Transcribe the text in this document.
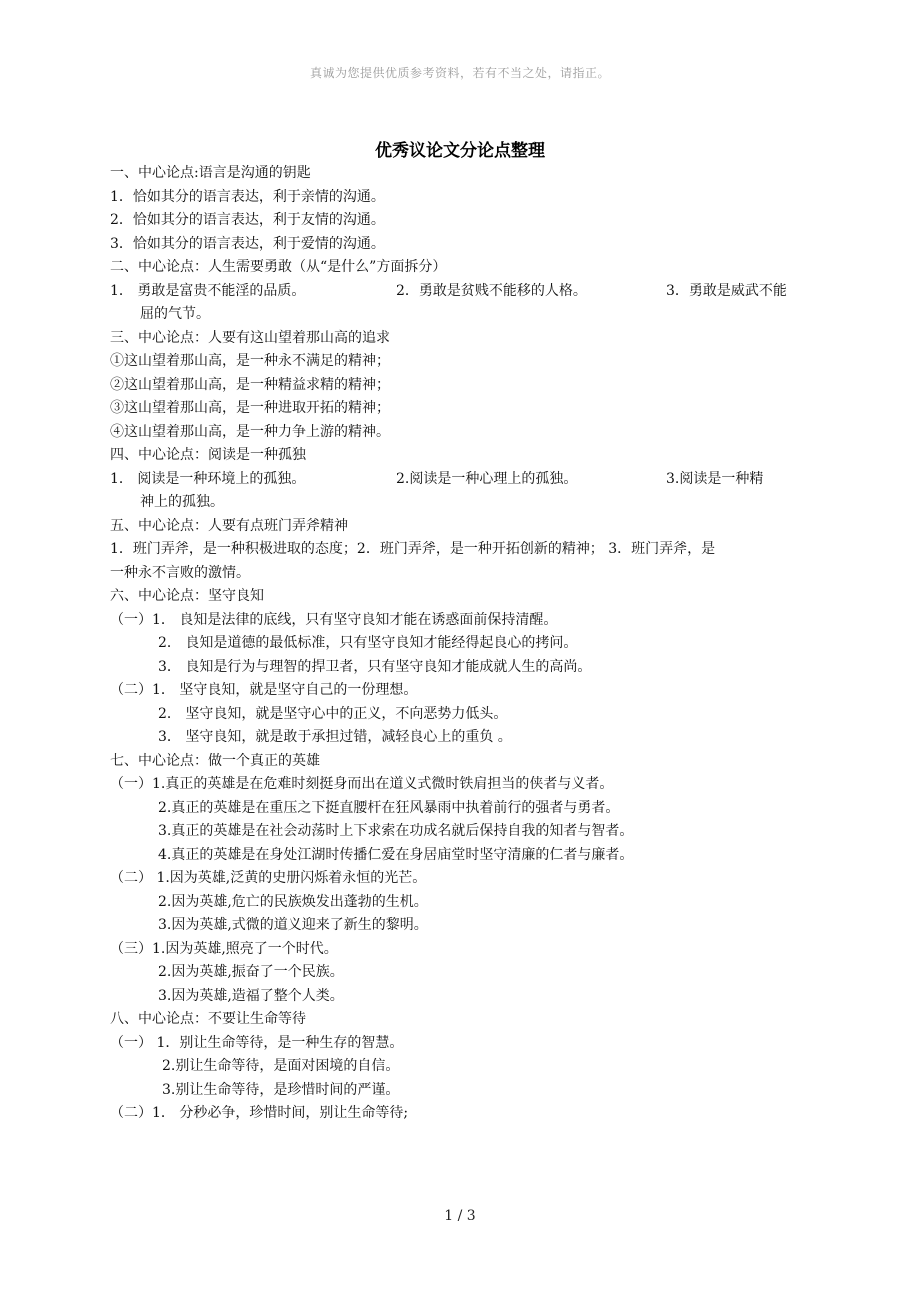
真诚为您提供优质参考资料，若有不当之处，请指正。
优秀议论文分论点整理
一、中心论点:语言是沟通的钥匙
1．恰如其分的语言表达，利于亲情的沟通。
2．恰如其分的语言表达，利于友情的沟通。
3．恰如其分的语言表达，利于爱情的沟通。
二、中心论点：人生需要勇敢（从“是什么”方面拆分）
1． 勇敢是富贵不能淫的品质。	2．勇敢是贫贱不能移的人格。	3．勇敢是威武不能
屈的气节。
三、中心论点：人要有这山望着那山高的追求
①这山望着那山高，是一种永不满足的精神；
②这山望着那山高，是一种精益求精的精神；
③这山望着那山高，是一种进取开拓的精神；
④这山望着那山高，是一种力争上游的精神。
四、中心论点：阅读是一种孤独
1． 阅读是一种环境上的孤独。	2.阅读是一种心理上的孤独。	3.阅读是一种精
神上的孤独。
五、中心论点：人要有点班门弄斧精神
1．班门弄斧，是一种积极进取的态度；2．班门弄斧，是一种开拓创新的精神； 3．班门弄斧，是
一种永不言败的激情。
六、中心论点：坚守良知
（一）1． 良知是法律的底线，只有坚守良知才能在诱惑面前保持清醒。
2． 良知是道德的最低标准，只有坚守良知才能经得起良心的拷问。
3． 良知是行为与理智的捍卫者，只有坚守良知才能成就人生的高尚。
（二）1． 坚守良知，就是坚守自己的一份理想。
2． 坚守良知，就是坚守心中的正义，不向恶势力低头。
3． 坚守良知，就是敢于承担过错，减轻良心上的重负 。
七、中心论点：做一个真正的英雄
（一）1.真正的英雄是在危难时刻挺身而出在道义式微时铁肩担当的侠者与义者。
2.真正的英雄是在重压之下挺直腰杆在狂风暴雨中执着前行的强者与勇者。
3.真正的英雄是在社会动荡时上下求索在功成名就后保持自我的知者与智者。
4.真正的英雄是在身处江湖时传播仁爱在身居庙堂时坚守清廉的仁者与廉者。
（二） 1.因为英雄,泛黄的史册闪烁着永恒的光芒。
2.因为英雄,危亡的民族焕发出蓬勃的生机。
3.因为英雄,式微的道义迎来了新生的黎明。
（三）1.因为英雄,照亮了一个时代。
2.因为英雄,振奋了一个民族。
3.因为英雄,造福了整个人类。
八、中心论点：不要让生命等待
（一） 1．别让生命等待，是一种生存的智慧。
2.别让生命等待，是面对困境的自信。
3.别让生命等待，是珍惜时间的严谨。
（二）1． 分秒必争，珍惜时间，别让生命等待;
1 / 3
